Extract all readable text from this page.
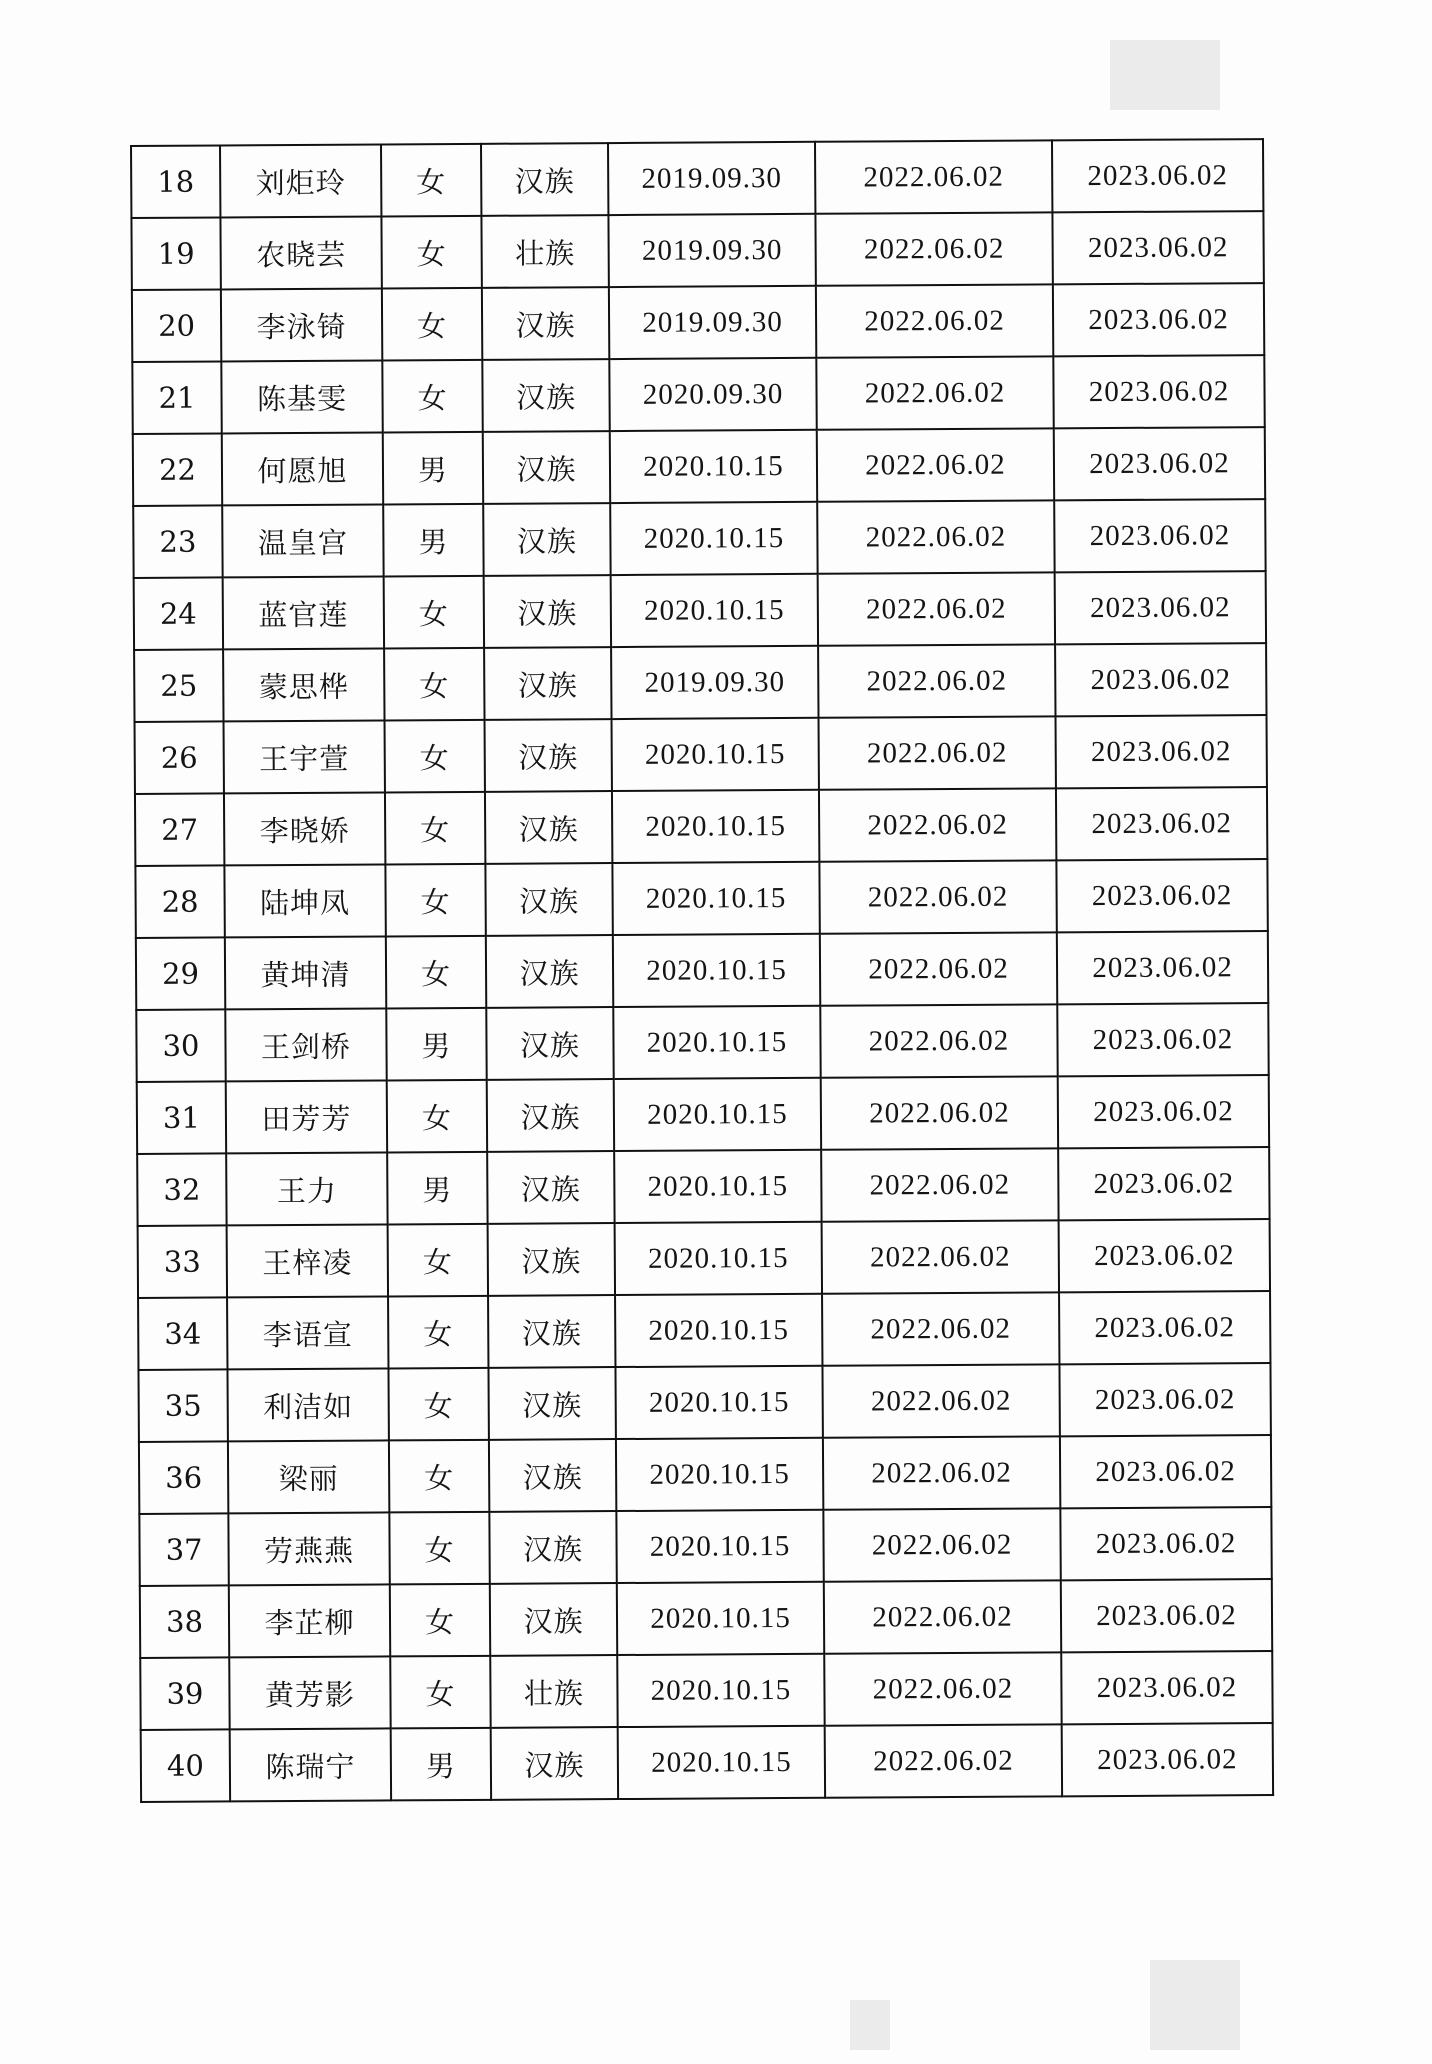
18	刘炬玲	女	汉族	2019.09.30	2022.06.02	2023.06.02
19	农晓芸	女	壮族	2019.09.30	2022.06.02	2023.06.02
20	李泳锜	女	汉族	2019.09.30	2022.06.02	2023.06.02
21	陈基雯	女	汉族	2020.09.30	2022.06.02	2023.06.02
22	何愿旭	男	汉族	2020.10.15	2022.06.02	2023.06.02
23	温皇宫	男	汉族	2020.10.15	2022.06.02	2023.06.02
24	蓝官莲	女	汉族	2020.10.15	2022.06.02	2023.06.02
25	蒙思桦	女	汉族	2019.09.30	2022.06.02	2023.06.02
26	王宇萱	女	汉族	2020.10.15	2022.06.02	2023.06.02
27	李晓娇	女	汉族	2020.10.15	2022.06.02	2023.06.02
28	陆坤凤	女	汉族	2020.10.15	2022.06.02	2023.06.02
29	黄坤清	女	汉族	2020.10.15	2022.06.02	2023.06.02
30	王剑桥	男	汉族	2020.10.15	2022.06.02	2023.06.02
31	田芳芳	女	汉族	2020.10.15	2022.06.02	2023.06.02
32	王力	男	汉族	2020.10.15	2022.06.02	2023.06.02
33	王梓凌	女	汉族	2020.10.15	2022.06.02	2023.06.02
34	李语宣	女	汉族	2020.10.15	2022.06.02	2023.06.02
35	利洁如	女	汉族	2020.10.15	2022.06.02	2023.06.02
36	梁丽	女	汉族	2020.10.15	2022.06.02	2023.06.02
37	劳燕燕	女	汉族	2020.10.15	2022.06.02	2023.06.02
38	李芷柳	女	汉族	2020.10.15	2022.06.02	2023.06.02
39	黄芳影	女	壮族	2020.10.15	2022.06.02	2023.06.02
40	陈瑞宁	男	汉族	2020.10.15	2022.06.02	2023.06.02
